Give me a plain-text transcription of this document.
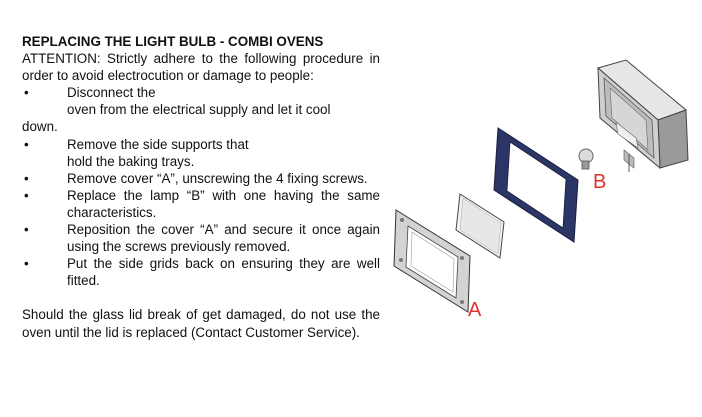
REPLACING THE LIGHT BULB - COMBI OVENS
ATTENTION: Strictly adhere to the following procedure in order to avoid electrocution or damage to people:
•	Disconnect the
oven from the electrical supply and let it cool
down.
•	Remove the side supports that
hold the baking trays.
•	Remove cover “A”, unscrewing the 4 fixing screws.
•	Replace the lamp “B” with one having the same characteristics.
•	Reposition the cover “A” and secure it once again using the screws previously removed.
•	Put the side grids back on ensuring they are well fitted.
Should the glass lid break of get damaged, do not use the oven until the lid is replaced (Contact Customer Service).
B
A
